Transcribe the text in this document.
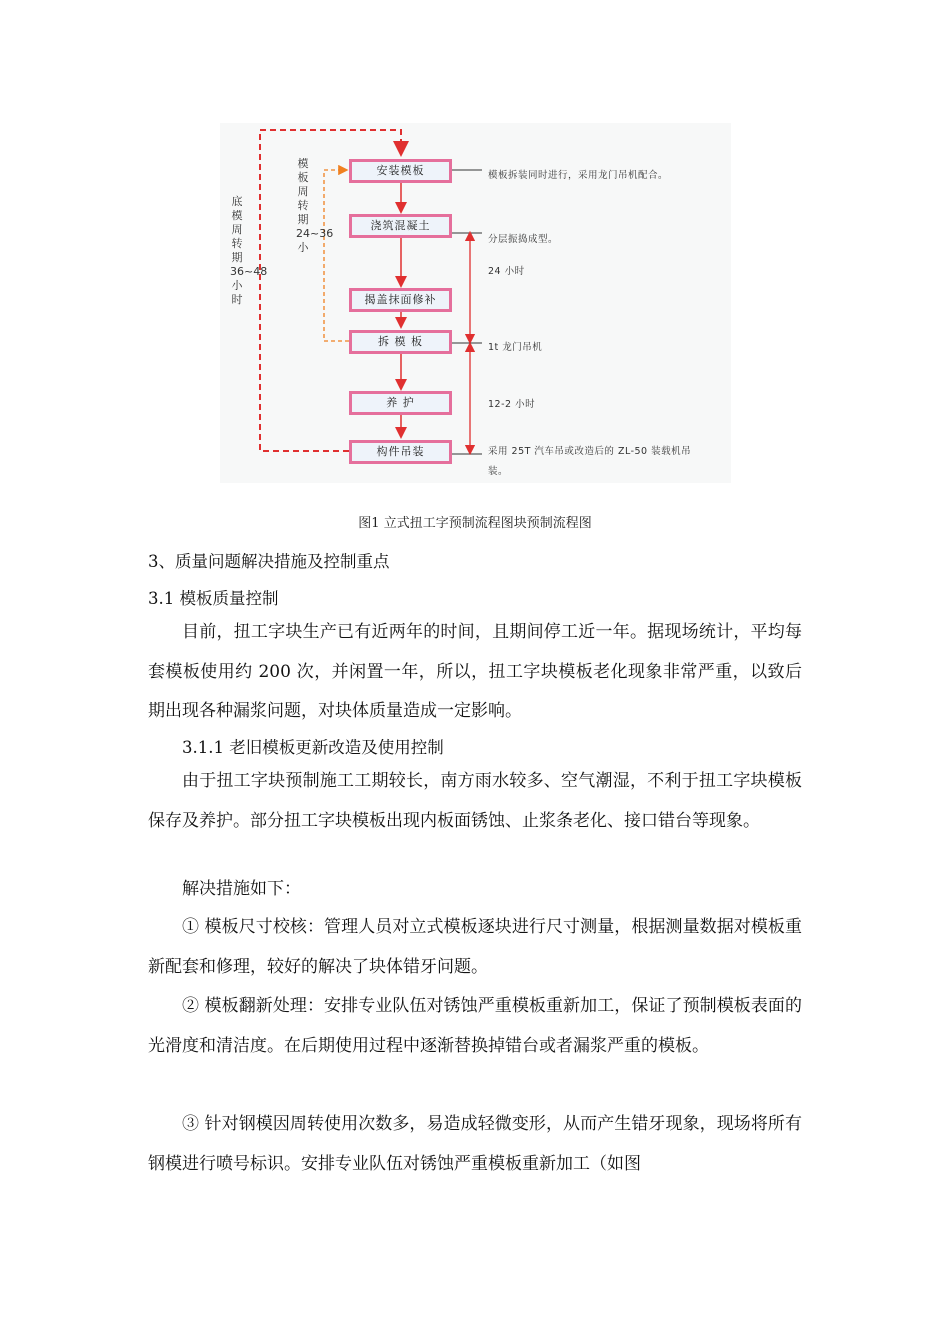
安装模板
浇筑混凝土
揭盖抹面修补
拆 模 板
养 护
构件吊装
模板拆装同时进行，采用龙门吊机配合。
分层振捣成型。
24 小时
1t 龙门吊机
12-2 小时
采用 25T 汽车吊或改造后的 ZL-50 装载机吊
装。
模板周转期24~36小
底模周转期36~48小时
图1 立式扭工字预制流程图块预制流程图
3、质量问题解决措施及控制重点
3.1 模板质量控制

目前，扭工字块生产已有近两年的时间，且期间停工近一年。据现场统计，平均每套模板使用约 200 次，并闲置一年，所以，扭工字块模板老化现象非常严重，以致后期出现各种漏浆问题，对块体质量造成一定影响。

3.1.1 老旧模板更新改造及使用控制

由于扭工字块预制施工工期较长，南方雨水较多、空气潮湿，不利于扭工字块模板保存及养护。部分扭工字块模板出现内板面锈蚀、止浆条老化、接口错台等现象。

解决措施如下：

① 模板尺寸校核：管理人员对立式模板逐块进行尺寸测量，根据测量数据对模板重新配套和修理，较好的解决了块体错牙问题。

② 模板翻新处理：安排专业队伍对锈蚀严重模板重新加工，保证了预制模板表面的光滑度和清洁度。在后期使用过程中逐渐替换掉错台或者漏浆严重的模板。

③ 针对钢模因周转使用次数多，易造成轻微变形，从而产生错牙现象，现场将所有钢模进行喷号标识。安排专业队伍对锈蚀严重模板重新加工（如图
